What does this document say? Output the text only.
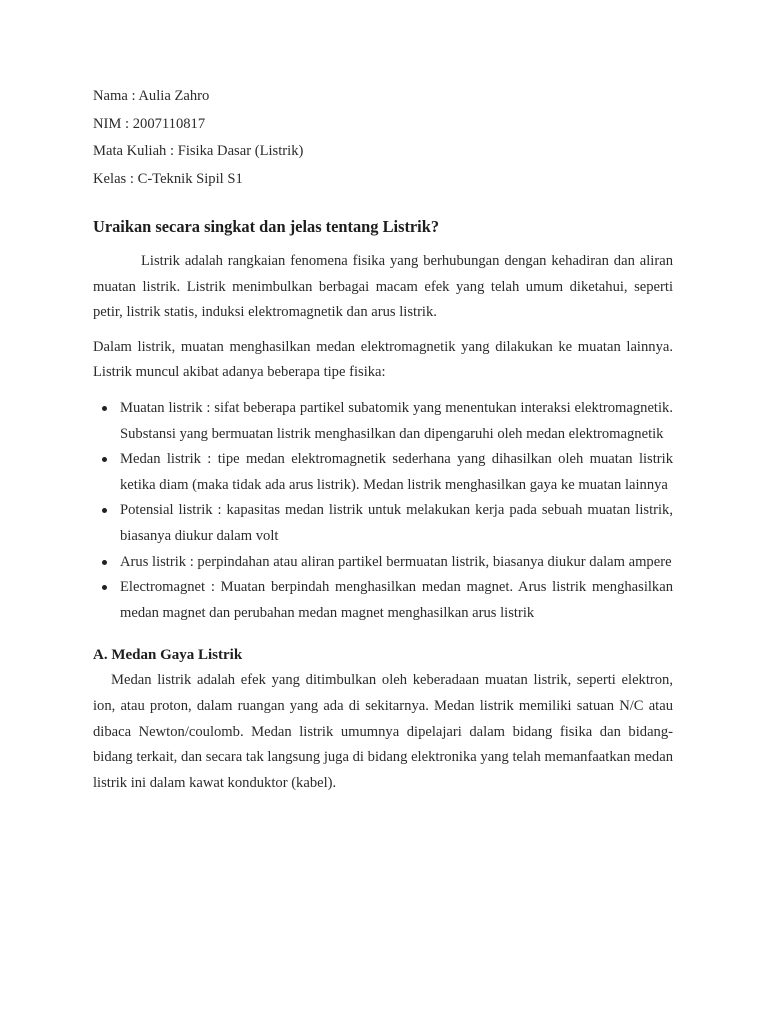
Nama : Aulia Zahro
NIM : 2007110817
Mata Kuliah : Fisika Dasar (Listrik)
Kelas : C-Teknik Sipil S1
Uraikan secara singkat dan jelas tentang Listrik?

Listrik adalah rangkaian fenomena fisika yang berhubungan dengan kehadiran dan aliran muatan listrik. Listrik menimbulkan berbagai macam efek yang telah umum diketahui, seperti petir, listrik statis, induksi elektromagnetik dan arus listrik.

Dalam listrik, muatan menghasilkan medan elektromagnetik yang dilakukan ke muatan lainnya. Listrik muncul akibat adanya beberapa tipe fisika:

Muatan listrik : sifat beberapa partikel subatomik yang menentukan interaksi elektromagnetik. Substansi yang bermuatan listrik menghasilkan dan dipengaruhi oleh medan elektromagnetik
Medan listrik : tipe medan elektromagnetik sederhana yang dihasilkan oleh muatan listrik ketika diam (maka tidak ada arus listrik). Medan listrik menghasilkan gaya ke muatan lainnya
Potensial listrik : kapasitas medan listrik untuk melakukan kerja pada sebuah muatan listrik, biasanya diukur dalam volt
Arus listrik : perpindahan atau aliran partikel bermuatan listrik, biasanya diukur dalam ampere
Electromagnet : Muatan berpindah menghasilkan medan magnet. Arus listrik menghasilkan medan magnet dan perubahan medan magnet menghasilkan arus listrik
A. Medan Gaya Listrik

Medan listrik adalah efek yang ditimbulkan oleh keberadaan muatan listrik, seperti elektron, ion, atau proton, dalam ruangan yang ada di sekitarnya. Medan listrik memiliki satuan N/C atau dibaca Newton/coulomb. Medan listrik umumnya dipelajari dalam bidang fisika dan bidang-bidang terkait, dan secara tak langsung juga di bidang elektronika yang telah memanfaatkan medan listrik ini dalam kawat konduktor (kabel).
